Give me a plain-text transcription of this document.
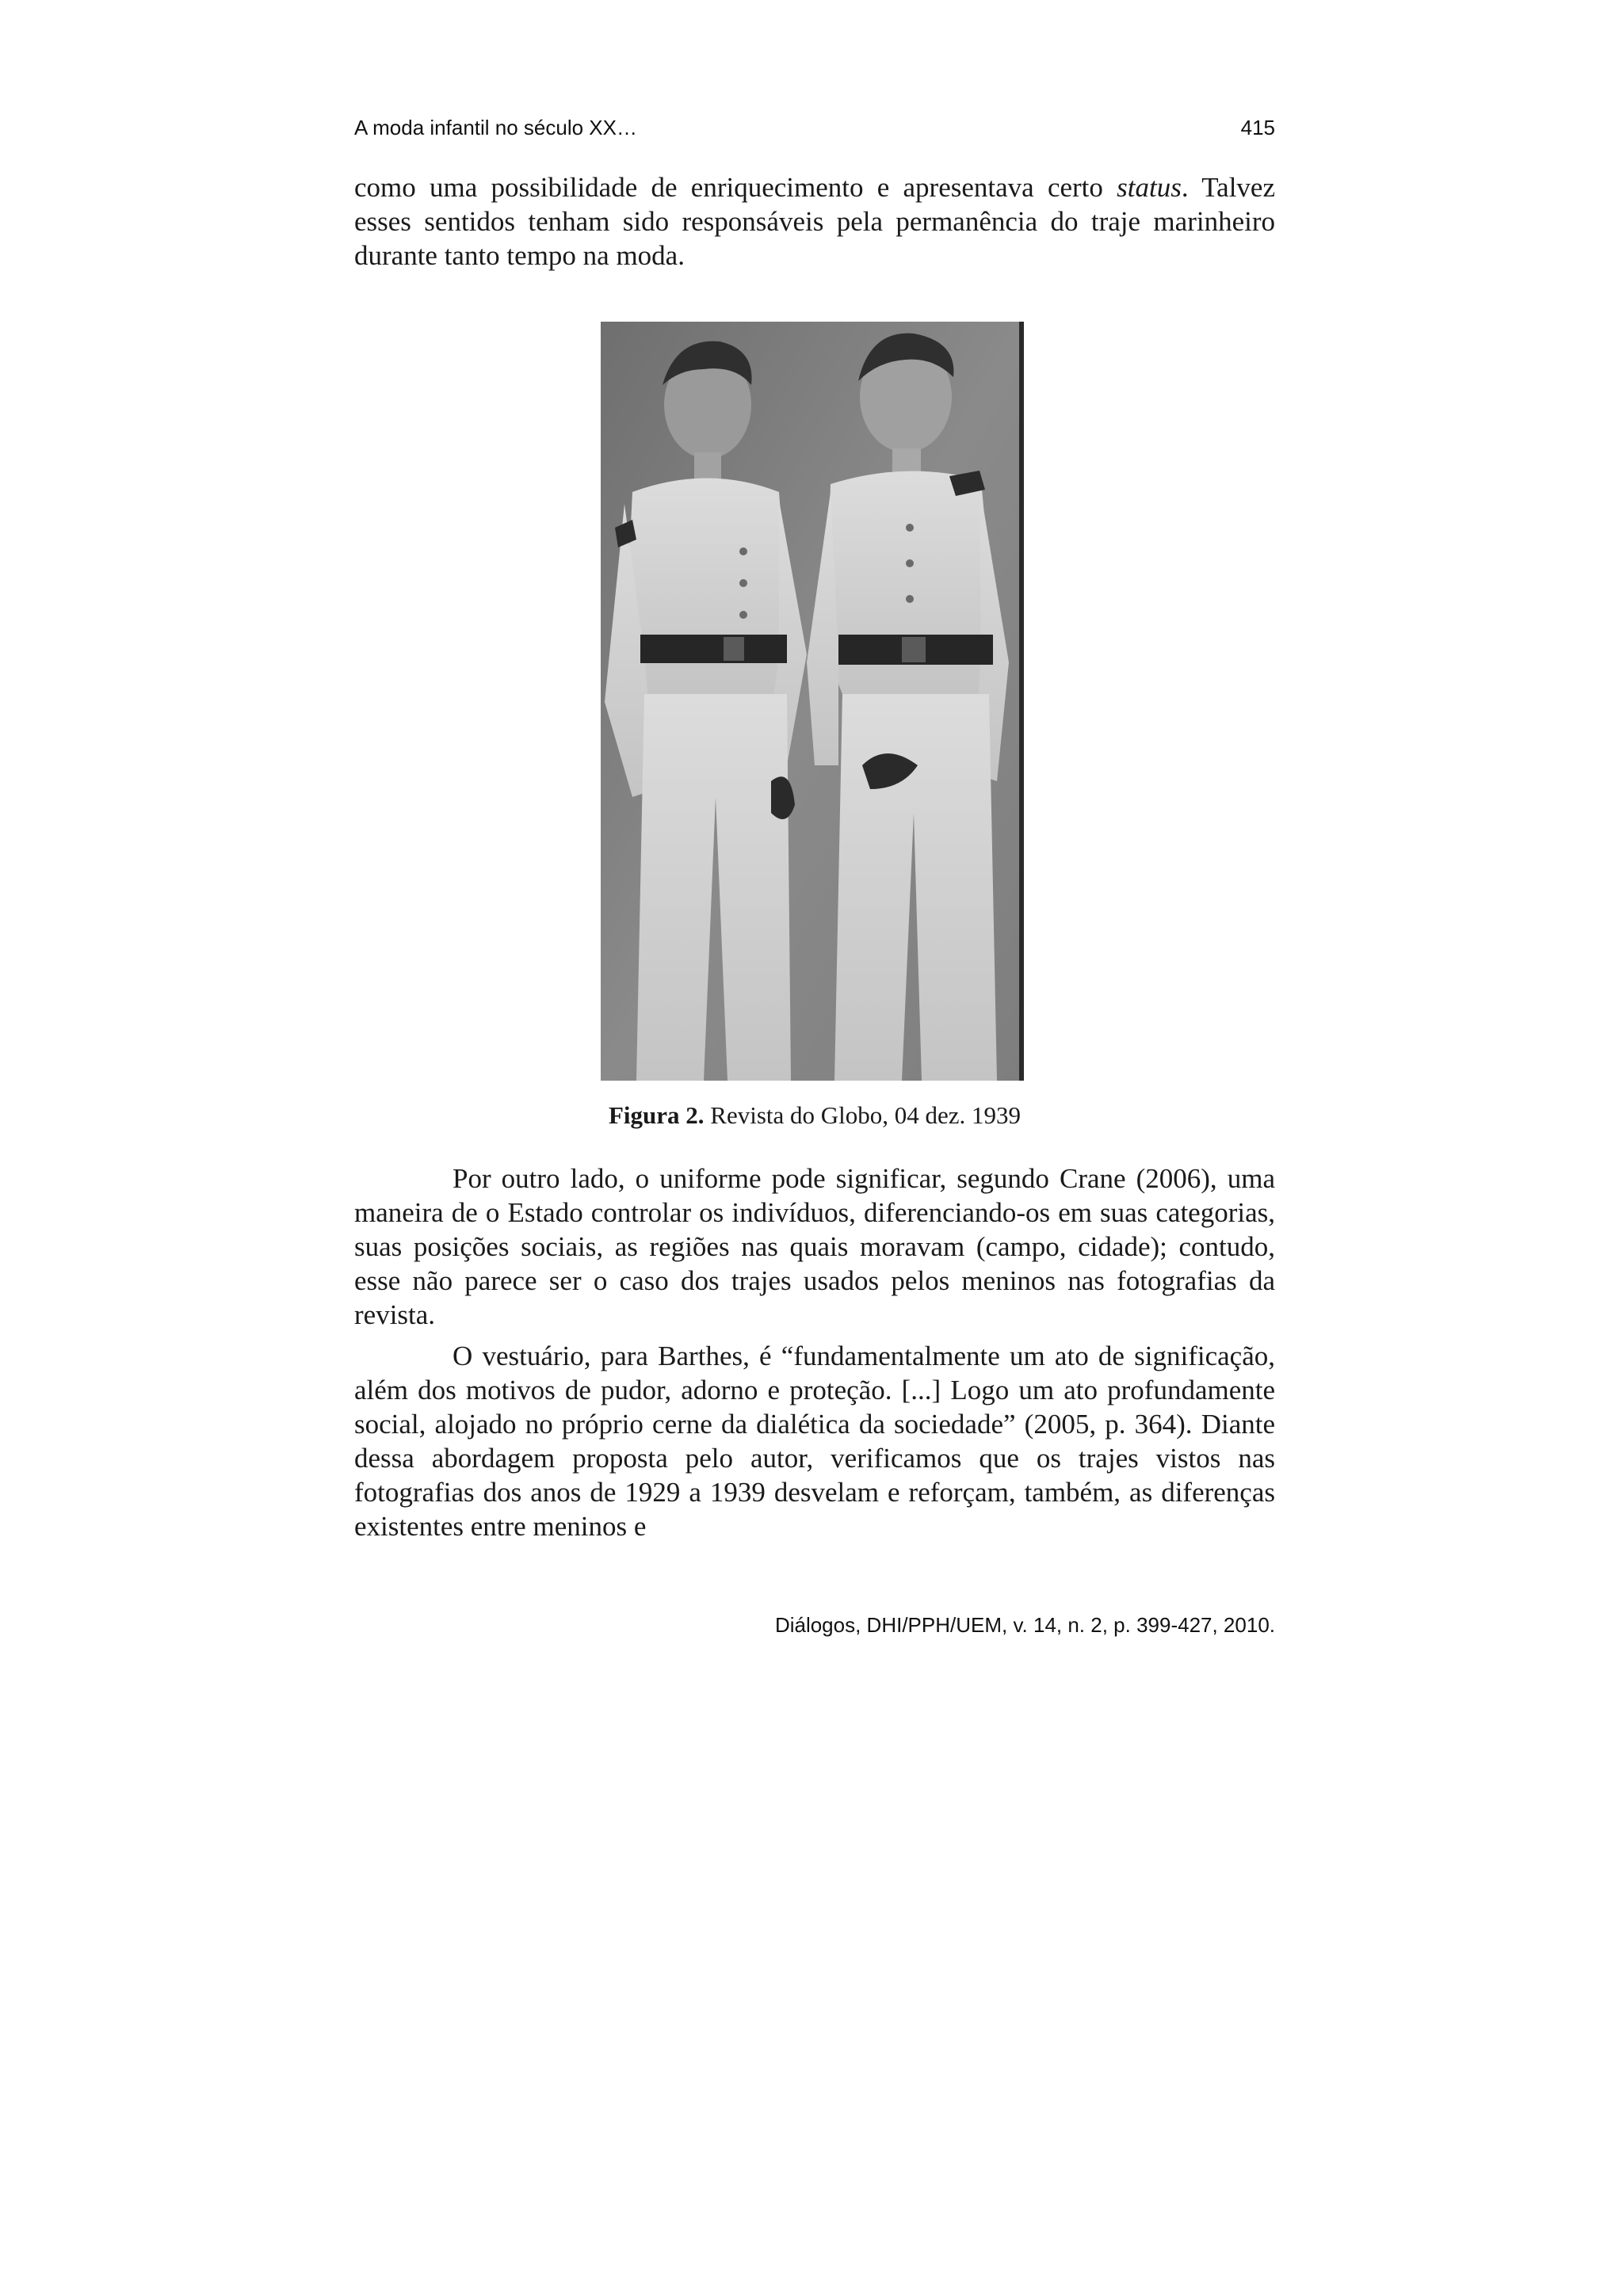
A moda infantil no século XX…	415

como uma possibilidade de enriquecimento e apresentava certo status. Talvez esses sentidos tenham sido responsáveis pela permanência do traje marinheiro durante tanto tempo na moda.

Figura 2. Revista do Globo, 04 dez. 1939

Por outro lado, o uniforme pode significar, segundo Crane (2006), uma maneira de o Estado controlar os indivíduos, diferenciando-os em suas categorias, suas posições sociais, as regiões nas quais moravam (campo, cidade); contudo, esse não parece ser o caso dos trajes usados pelos meninos nas fotografias da revista.

O vestuário, para Barthes, é “fundamentalmente um ato de significação, além dos motivos de pudor, adorno e proteção. [...] Logo um ato profundamente social, alojado no próprio cerne da dialética da sociedade” (2005, p. 364). Diante dessa abordagem proposta pelo autor, verificamos que os trajes vistos nas fotografias dos anos de 1929 a 1939 desvelam e reforçam, também, as diferenças existentes entre meninos e

Diálogos, DHI/PPH/UEM, v. 14, n. 2, p. 399-427, 2010.
